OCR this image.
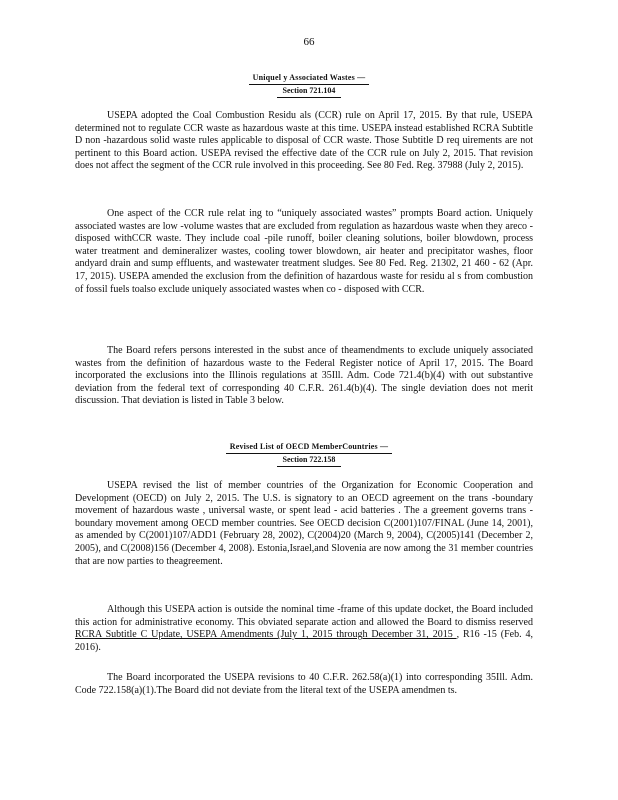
66
Uniquel y Associated Wastes —
Section 721.104

USEPA adopted the Coal Combustion Residu als (CCR) rule on April 17, 2015. By that rule, USEPA determined not to regulate CCR waste as hazardous waste at this time. USEPA instead established RCRA Subtitle D non -hazardous solid waste rules applicable to disposal of CCR waste. Those Subtitle D req uirements are not pertinent to this Board action. USEPA revised the effective date of the CCR rule on July 2, 2015. That revision does not affect the segment of the CCR rule involved in this proceeding. See 80 Fed. Reg. 37988 (July 2, 2015).

One aspect of the CCR rule relat ing to “uniquely associated wastes” prompts Board action. Uniquely associated wastes are low -volume wastes that are excluded from regulation as hazardous waste when they areco - disposed withCCR waste. They include coal -pile runoff, boiler cleaning solutions, boiler blowdown, process water treatment and demineralizer wastes, cooling tower blowdown, air heater and precipitator washes, floor andyard drain and sump effluents, and wastewater treatment sludges. See 80 Fed. Reg. 21302, 21 460 - 62 (Apr. 17, 2015). USEPA amended the exclusion from the definition of hazardous waste for residu al s from combustion of fossil fuels toalso exclude uniquely associated wastes when co - disposed with CCR.

The Board refers persons interested in the subst ance of theamendments to exclude uniquely associated wastes from the definition of hazardous waste to the Federal Register notice of April 17, 2015. The Board incorporated the exclusions into the Illinois regulations at 35Ill. Adm. Code 721.4(b)(4) with out substantive deviation from the federal text of corresponding 40 C.F.R. 261.4(b)(4). The single deviation does not merit discussion. That deviation is listed in Table 3 below.

Revised List of OECD MemberCountries —
Section 722.158

USEPA revised the list of member countries of the Organization for Economic Cooperation and Development (OECD) on July 2, 2015. The U.S. is signatory to an OECD agreement on the trans -boundary movement of hazardous waste , universal waste, or spent lead - acid batteries . The a greement governs trans -boundary movement among OECD member countries. See OECD decision C(2001)107/FINAL (June 14, 2001), as amended by C(2001)107/ADD1 (February 28, 2002), C(2004)20 (March 9, 2004), C(2005)141 (December 2, 2005), and C(2008)156 (December 4, 2008). Estonia,Israel,and Slovenia are now among the 31 member countries that are now parties to theagreement.

Although this USEPA action is outside the nominal time -frame of this update docket, the Board included this action for administrative economy. This obviated separate action and allowed the Board to dismiss reserved RCRA Subtitle C Update, USEPA Amendments (July 1, 2015 through December 31, 2015 , R16 -15 (Feb. 4, 2016).

The Board incorporated the USEPA revisions to 40 C.F.R. 262.58(a)(1) into corresponding 35Ill. Adm. Code 722.158(a)(1).The Board did not deviate from the literal text of the USEPA amendmen ts.
